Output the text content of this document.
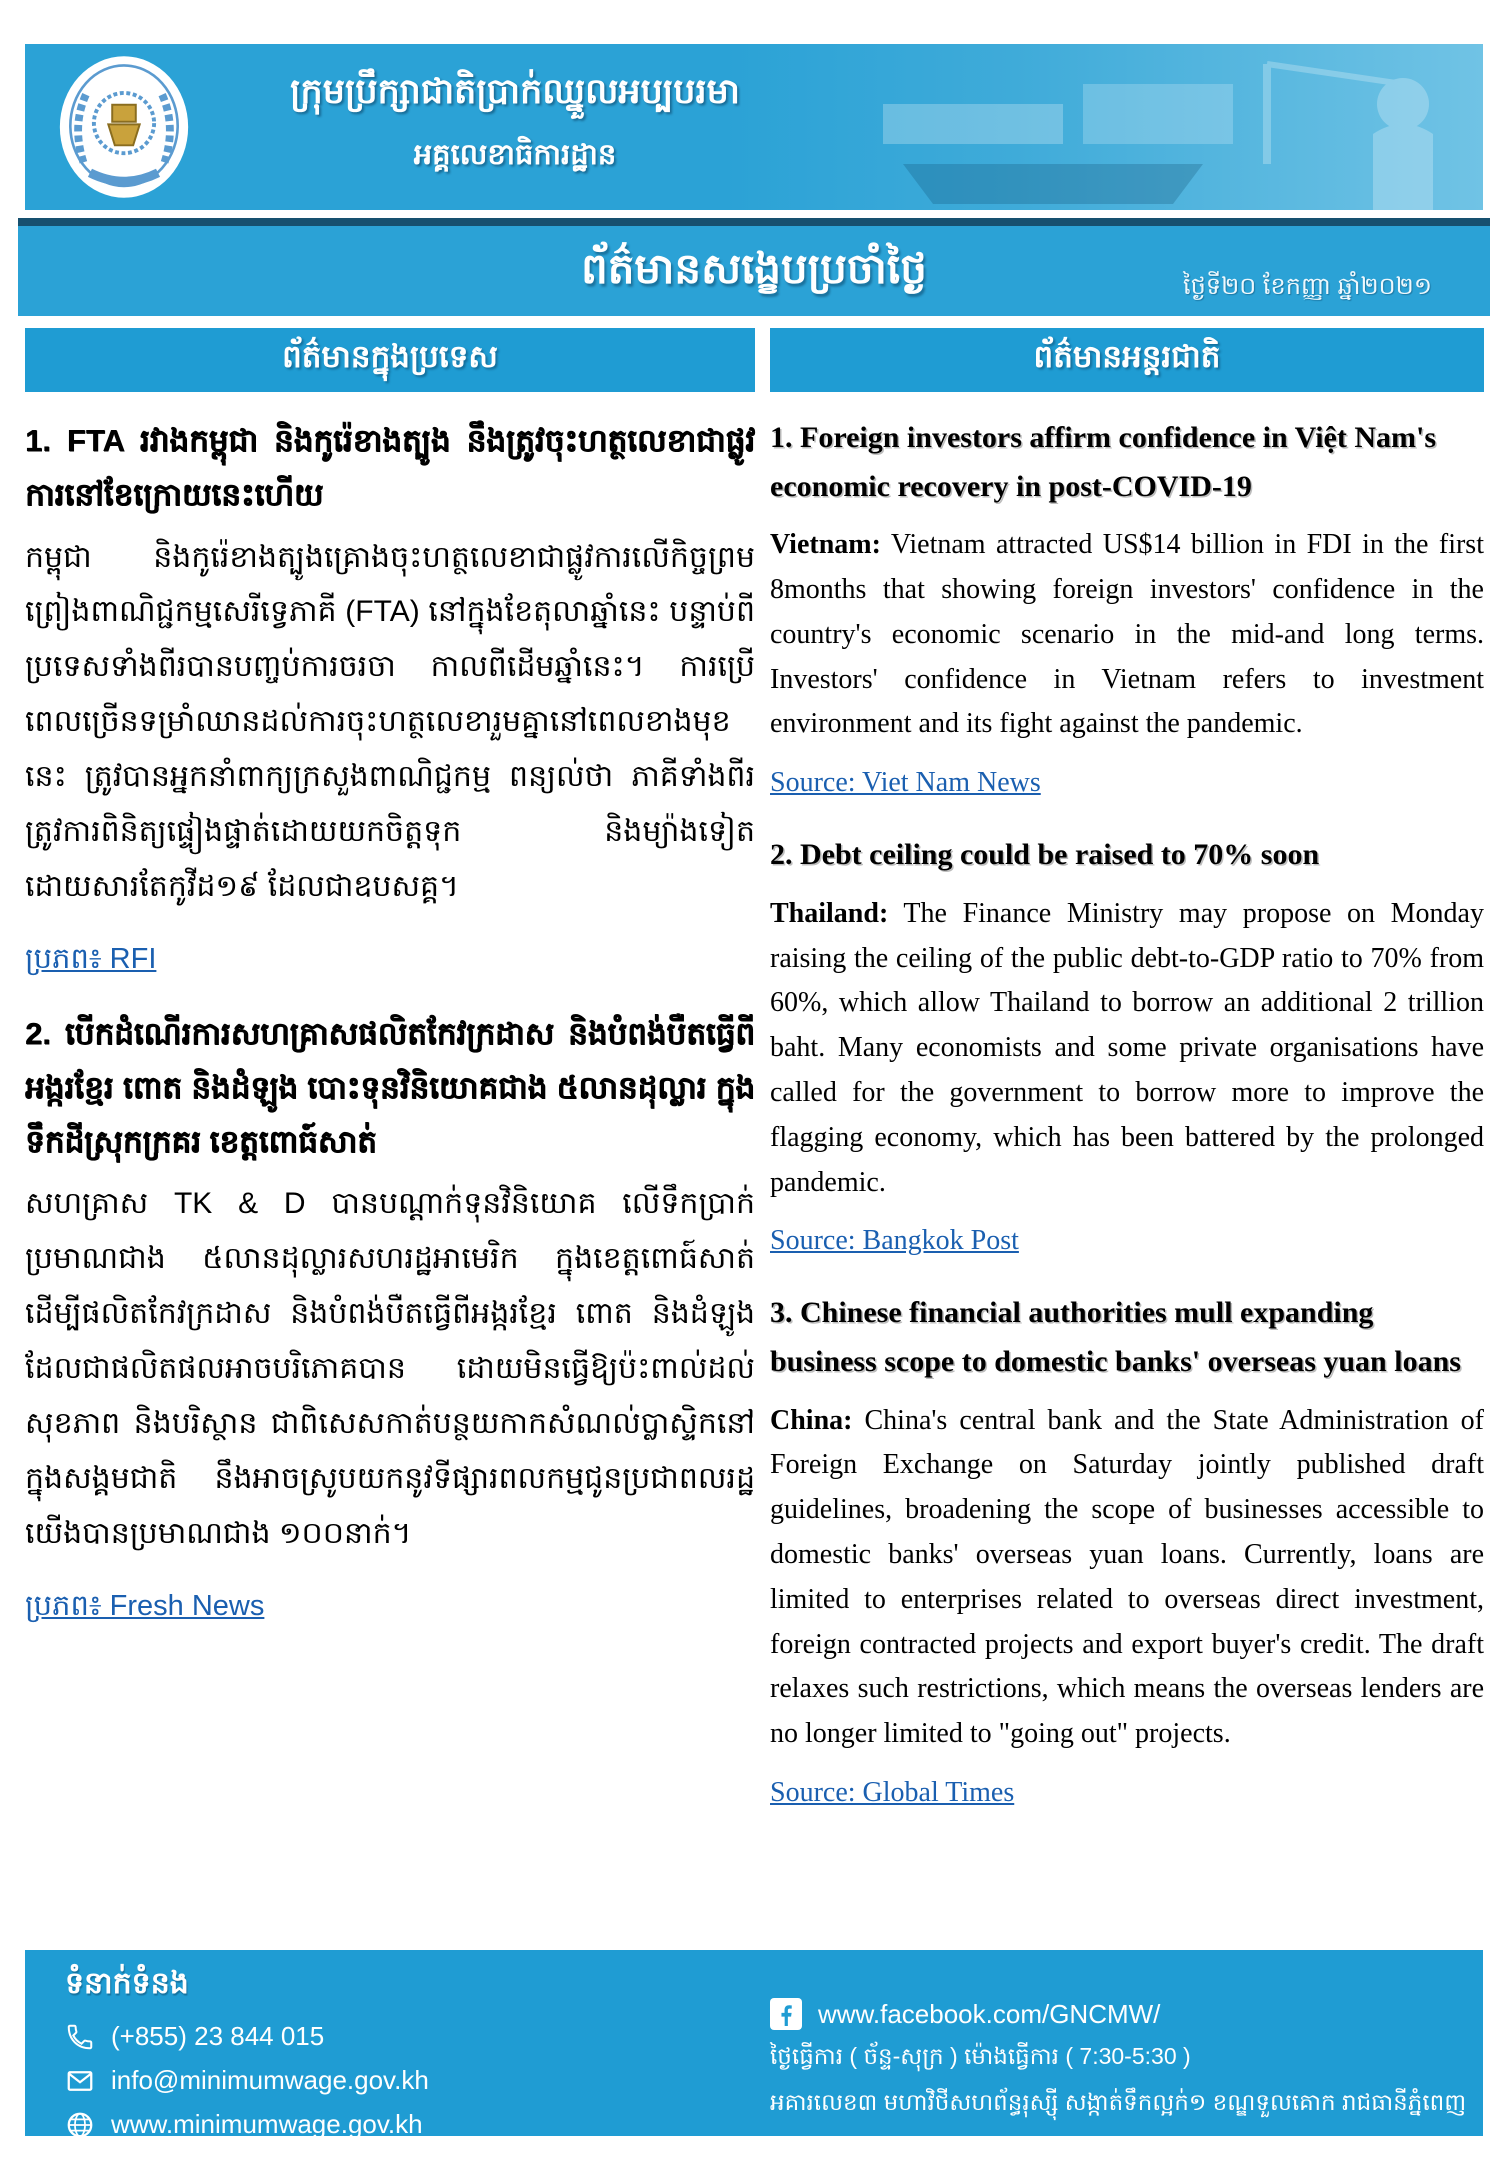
ក្រុមប្រឹក្សាជាតិប្រាក់ឈ្នួលអប្បបរមា
អគ្គលេខាធិការដ្ឋាន
ព័ត៌មានសង្ខេបប្រចាំថ្ងៃ	ថ្ងៃទី២០ ខែកញ្ញា ឆ្នាំ២០២១
ព័ត៌មានក្នុងប្រទេស
1. FTA រវាងកម្ពុជា និងកូរ៉េខាងត្បូង នឹងត្រូវចុះហត្ថលេខាជាផ្លូវការនៅខែក្រោយនេះហើយ

កម្ពុជា និងកូរ៉េខាងត្បូងគ្រោងចុះហត្ថលេខាជាផ្លូវការលើកិច្ចព្រមព្រៀងពាណិជ្ជកម្មសេរីទ្វេភាគី (FTA) នៅក្នុងខែតុលាឆ្នាំនេះ បន្ទាប់ពីប្រទេសទាំងពីរបានបញ្ចប់ការចរចា កាលពីដើមឆ្នាំនេះ។ ការប្រើពេលច្រើនទម្រាំឈានដល់ការចុះហត្ថលេខារួមគ្នានៅពេលខាងមុខនេះ ត្រូវបានអ្នកនាំពាក្យក្រសួងពាណិជ្ជកម្ម ពន្យល់ថា ភាគីទាំងពីរត្រូវការពិនិត្យផ្ទៀងផ្ទាត់ដោយយកចិត្តទុក និងម្យ៉ាងទៀតដោយសារតែកូវីដ១៩ ដែលជាឧបសគ្គ។

ប្រភព៖ RFI
2. បើកដំណើរការសហគ្រាសផលិតកែវក្រដាស និងបំពង់បឺតធ្វើពីអង្ករខ្មែរ ពោត និងដំឡូង បោះទុនវិនិយោគជាង ៥លានដុល្លារ ក្នុងទឹកដីស្រុកក្រគរ ខេត្តពោធ៍សាត់

សហគ្រាស TK & D បានបណ្តាក់ទុនវិនិយោគ លើទឹកប្រាក់ប្រមាណជាង ៥លានដុល្លារសហរដ្ឋអាមេរិក ក្នុងខេត្តពោធ៍សាត់ ដើម្បីផលិតកែវក្រដាស និងបំពង់បឺតធ្វើពីអង្ករខ្មែរ ពោត និងដំឡូង ដែលជាផលិតផលអាចបរិភោគបាន ដោយមិនធ្វើឱ្យប៉ះពាល់ដល់សុខភាព និងបរិស្ថាន ជាពិសេសកាត់បន្ថយកាកសំណល់ប្លាស្ទិកនៅក្នុងសង្គមជាតិ នឹងអាចស្រូបយកនូវទីផ្សារពលកម្មជូនប្រជាពលរដ្ឋយើងបានប្រមាណជាង ១០០នាក់។

ប្រភព៖ Fresh News
ព័ត៌មានអន្តរជាតិ
1. Foreign investors affirm confidence in Việt Nam's economic recovery in post-COVID-19

Vietnam: Vietnam attracted US$14 billion in FDI in the first 8months that showing foreign investors' confidence in the country's economic scenario in the mid-and long terms. Investors' confidence in Vietnam refers to investment environment and its fight against the pandemic.

Source: Viet Nam News
2. Debt ceiling could be raised to 70% soon

Thailand: The Finance Ministry may propose on Monday raising the ceiling of the public debt-to-GDP ratio to 70% from 60%, which allow Thailand to borrow an additional 2 trillion baht. Many economists and some private organisations have called for the government to borrow more to improve the flagging economy, which has been battered by the prolonged pandemic.

Source: Bangkok Post
3. Chinese financial authorities mull expanding business scope to domestic banks' overseas yuan loans

China: China's central bank and the State Administration of Foreign Exchange on Saturday jointly published draft guidelines, broadening the scope of businesses accessible to domestic banks' overseas yuan loans. Currently, loans are limited to enterprises related to overseas direct investment, foreign contracted projects and export buyer's credit. The draft relaxes such restrictions, which means the overseas lenders are no longer limited to "going out" projects.

Source: Global Times
ទំនាក់ទំនង
(+855) 23 844 015
info@minimumwage.gov.kh
www.minimumwage.gov.kh
www.facebook.com/GNCMW/
ថ្ងៃធ្វើការ ( ច័ន្ទ-សុក្រ ) ម៉ោងធ្វើការ ( 7:30-5:30 )
អគារលេខ៣ មហាវិថីសហព័ន្ធរុស្ស៊ី សង្កាត់ទឹកល្អក់១ ខណ្ឌទួលគោក រាជធានីភ្នំពេញ
